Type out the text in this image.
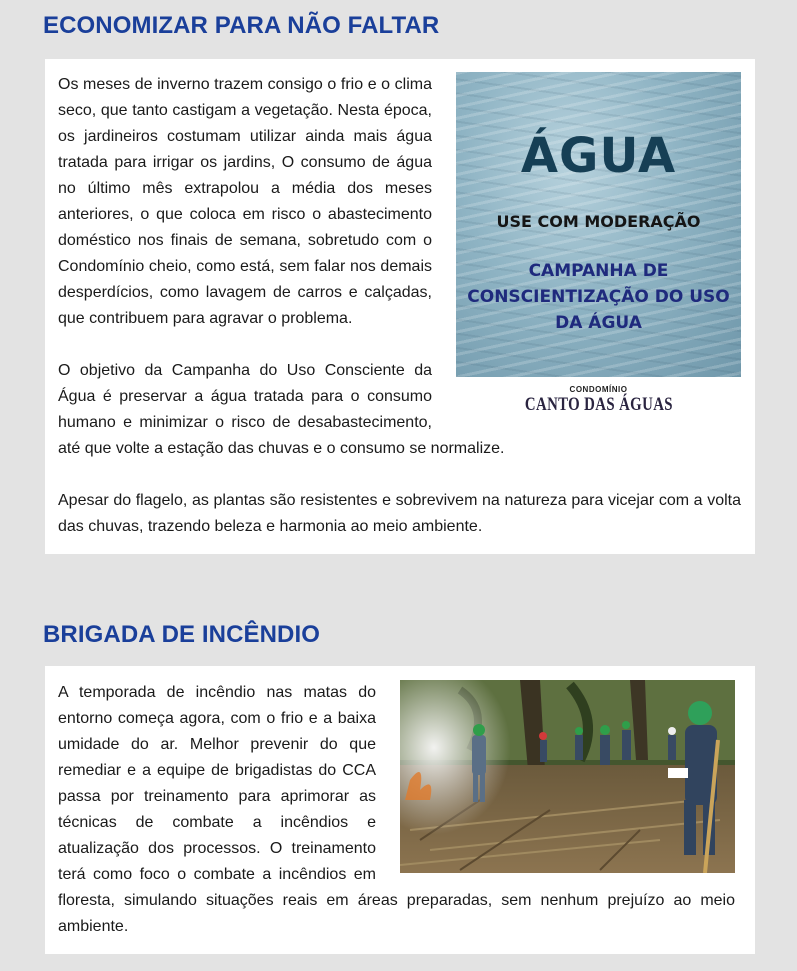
ECONOMIZAR PARA NÃO FALTAR
ÁGUA
USE COM MODERAÇÃO
CAMPANHA DE
CONSCIENTIZAÇÃO DO USO
DA ÁGUA
CONDOMÍNIO
CANTO DAS ÁGUAS

Os meses de inverno trazem consigo o frio e o clima seco, que tanto castigam a vegetação. Nesta época, os jardineiros costumam utilizar ainda mais água tratada para irrigar os jardins, O consumo de água no último mês extrapolou a média dos meses anteriores, o que coloca em risco o abastecimento doméstico nos finais de semana, sobretudo com o Condomínio cheio, como está, sem falar nos demais desperdícios, como lavagem de carros e calçadas, que contribuem para agravar o problema.

O objetivo da Campanha do Uso Consciente da Água é preservar a água tratada para o consumo humano e minimizar o risco de desabastecimento, até que volte a estação das chuvas e o consumo se normalize.

Apesar do flagelo, as plantas são resistentes e sobrevivem na natureza para vicejar com a volta das chuvas, trazendo beleza e harmonia ao meio ambiente.

BRIGADA DE INCÊNDIO

A temporada de incêndio nas matas do entorno começa agora, com o frio e a baixa umidade do ar. Melhor prevenir do que remediar e a equipe de brigadistas do CCA passa por treinamento para aprimorar as técnicas de combate a incêndios e atualização dos processos. O treinamento terá como foco o combate a incêndios em floresta, simulando situações reais em áreas preparadas, sem nenhum prejuízo ao meio ambiente.
